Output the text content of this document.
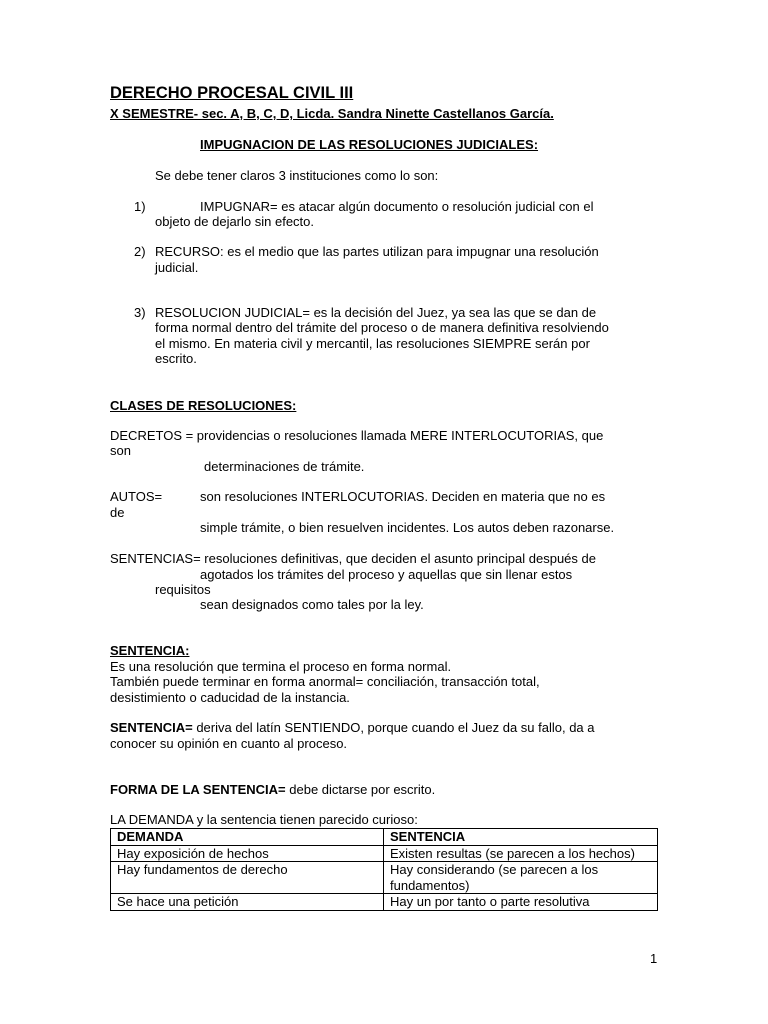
DERECHO PROCESAL CIVIL III
X SEMESTRE- sec. A, B, C, D, Licda. Sandra Ninette Castellanos García.
IMPUGNACION DE LAS RESOLUCIONES JUDICIALES:
Se debe tener claros 3 instituciones como lo son:
1)	IMPUGNAR= es atacar algún documento o resolución judicial con el
objeto de dejarlo sin efecto.
2) RECURSO: es el medio que las partes utilizan para impugnar una resolución
judicial.
3) RESOLUCION JUDICIAL= es la decisión del Juez, ya sea las que se dan de
forma normal dentro del trámite del proceso o de manera definitiva resolviendo
el mismo. En materia civil y mercantil, las resoluciones SIEMPRE serán por
escrito.
CLASES DE RESOLUCIONES:
DECRETOS = providencias o resoluciones llamada MERE INTERLOCUTORIAS, que
son
determinaciones de trámite.
AUTOS=	son resoluciones INTERLOCUTORIAS. Deciden en materia que no es
de
simple trámite, o bien resuelven incidentes. Los autos deben razonarse.
SENTENCIAS= resoluciones definitivas, que deciden el asunto principal después de
agotados los trámites del proceso y aquellas que sin llenar estos
requisitos
sean designados como tales por la ley.
SENTENCIA:
Es una resolución que termina el proceso en forma normal.
También puede terminar en forma anormal= conciliación, transacción total,
desistimiento o caducidad de la instancia.
SENTENCIA= deriva del latín SENTIENDO, porque cuando el Juez da su fallo, da a
conocer su opinión en cuanto al proceso.
FORMA DE LA SENTENCIA= debe dictarse por escrito.
LA DEMANDA y la sentencia tienen parecido curioso:
DEMANDA	SENTENCIA
Hay exposición de hechos	Existen resultas (se parecen a los hechos)
Hay fundamentos de derecho	Hay considerando (se parecen a los fundamentos)
Se hace una petición	Hay un por tanto o parte resolutiva
1
